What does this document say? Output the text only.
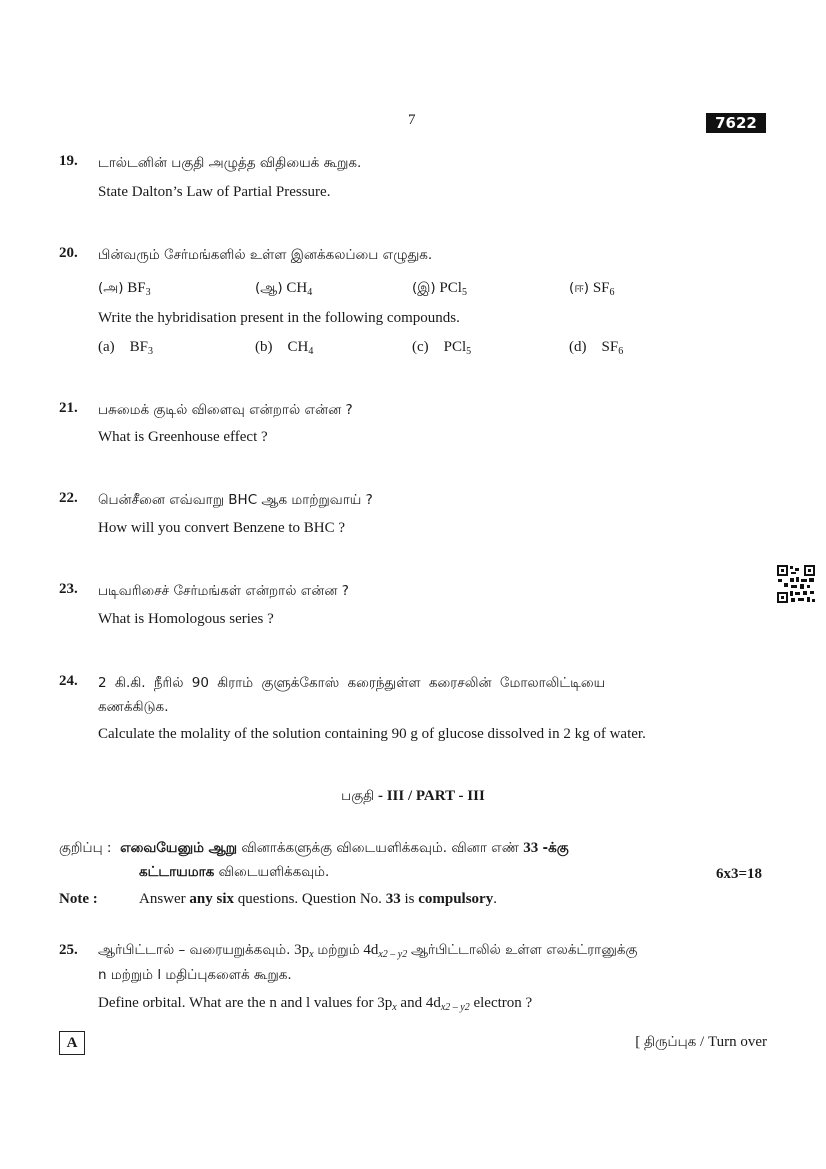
7	7622
19. டால்டனின் பகுதி அழுத்த விதியைக் கூறுக.
State Dalton’s Law of Partial Pressure.
20. பின்வரும் சேர்மங்களில் உள்ள இனக்கலப்பை எழுதுக.
(அ) $BF_3$	(ஆ) $CH_4$	(இ) PCl$_5$	(ஈ) $SF_6$
Write the hybridisation present in the following compounds.
(a) $BF_3$	(b) $CH_4$	(c) PCl$_5$	(d) $SF_6$
21. பசுமைக் குடில் விளைவு என்றால் என்ன ?
What is Greenhouse effect ?
22. பென்சீனை எவ்வாறு BHC ஆக மாற்றுவாய் ?
How will you convert Benzene to BHC ?
23. படிவரிசைச் சேர்மங்கள் என்றால் என்ன ?
What is Homologous series ?
24. 2 கி.கி. நீரில் 90 கிராம் குளுக்கோஸ் கரைந்துள்ள கரைசலின் மோலாலிட்டியை
கணக்கிடுக.
Calculate the molality of the solution containing 90 g of glucose dissolved in 2 kg of water.
பகுதி - III / PART - III
குறிப்பு : எவையேனும் ஆறு வினாக்களுக்கு விடையளிக்கவும். வினா எண் 33 -க்கு
கட்டாயமாக விடையளிக்கவும்.	6x3=18
Note :	Answer any six questions. Question No. 33 is compulsory.
25. ஆர்பிட்டால் – வரையறுக்கவும். $3p_x$ மற்றும் $4d_{x2 - y2}$ ஆர்பிட்டாலில் உள்ள எலக்ட்ரானுக்கு
n மற்றும் l மதிப்புகளைக் கூறுக.
Define orbital. What are the n and l values for $3p_x$ and $4d_{x2 - y2}$ electron ?
A	[ திருப்புக / Turn over
